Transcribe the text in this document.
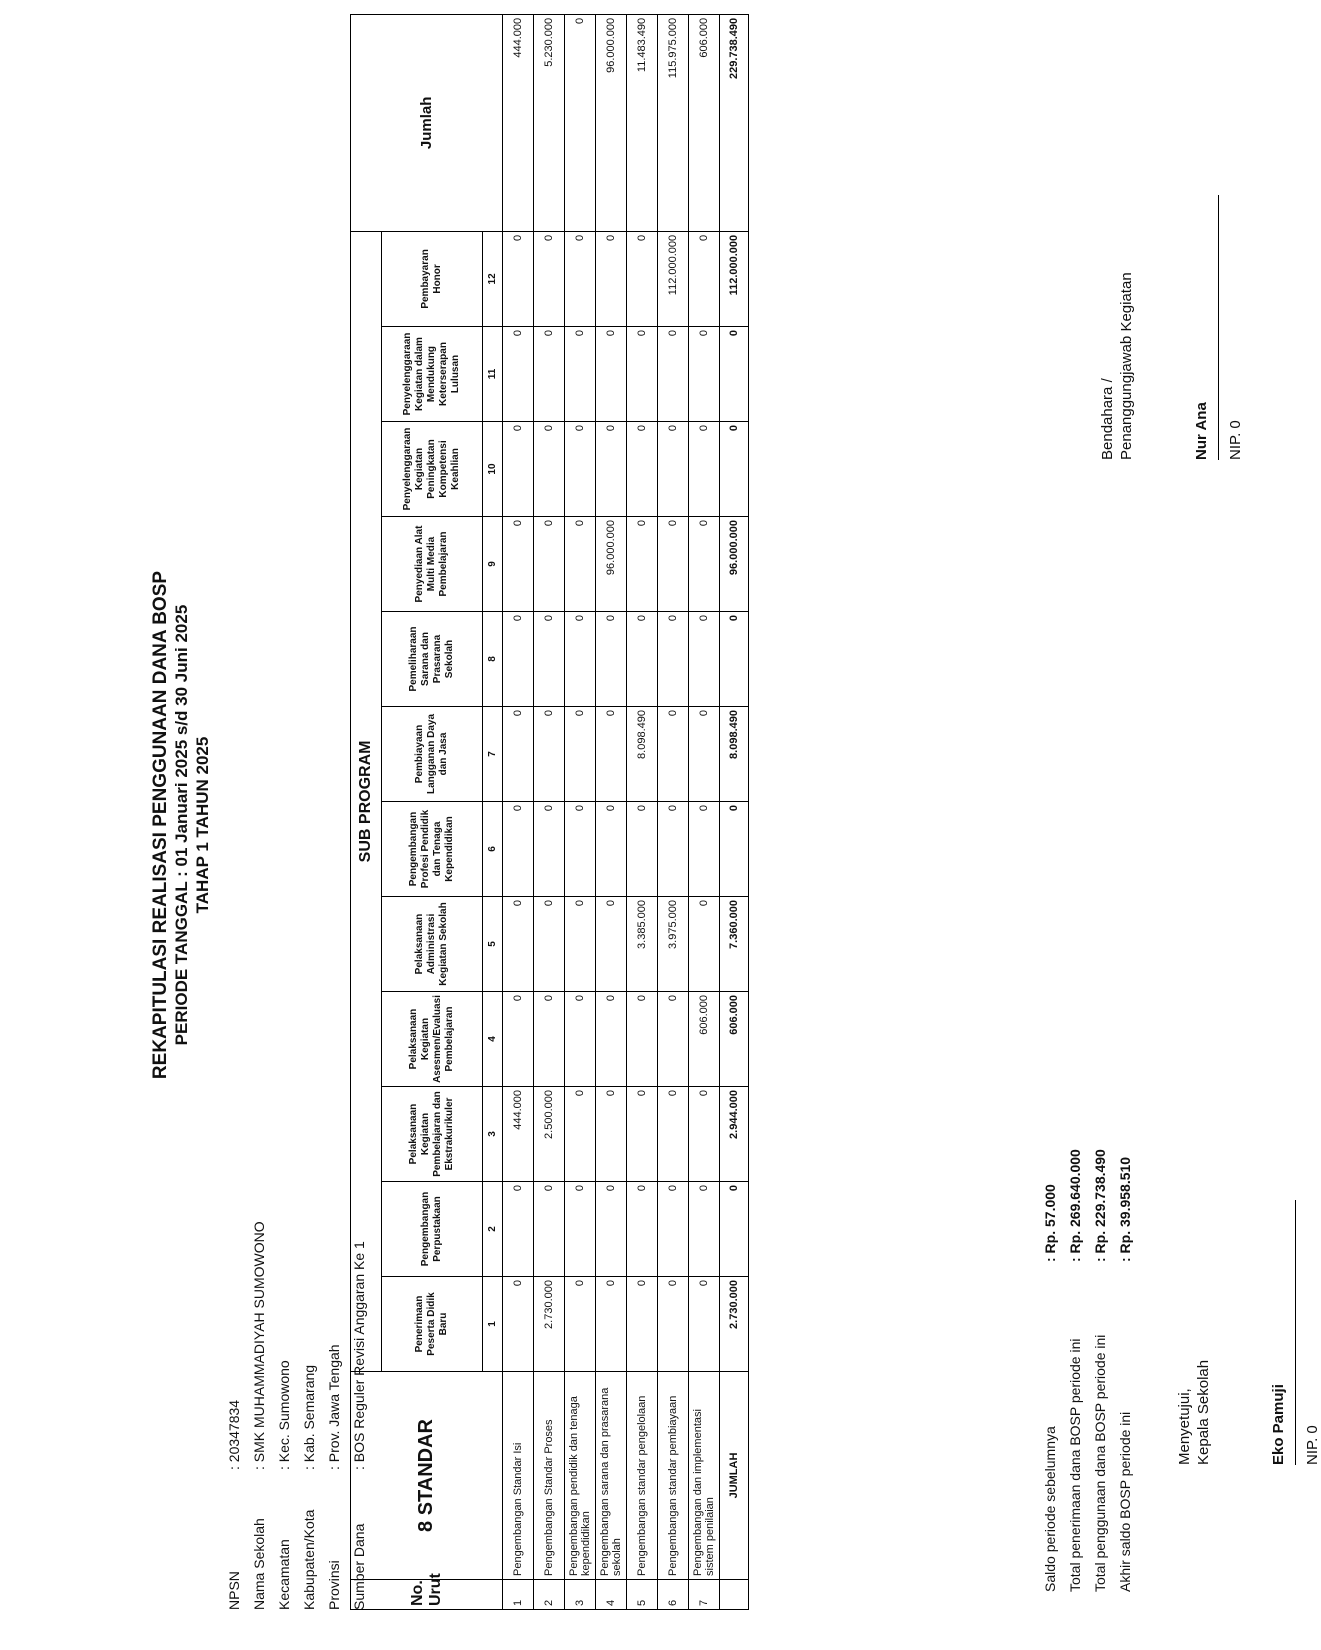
REKAPITULASI REALISASI PENGGUNAAN DANA BOSP PERIODE TANGGAL : 01 Januari 2025 s/d 30 Juni 2025 TAHAP 1 TAHUN 2025
NPSN: 20347834
Nama Sekolah: SMK MUHAMMADIYAH SUMOWONO
Kecamatan: Kec. Sumowono
Kabupaten/Kota: Kab. Semarang
Provinsi: Prov. Jawa Tengah
Sumber Dana: BOS Reguler Revisi Anggaran Ke 1
No. Urut	8 STANDAR	SUB PROGRAM												Jumlah
		Penerimaan Peserta Didik Baru	Pengembangan Perpustakaan	Pelaksanaan Kegiatan Pembelajaran dan Ekstrakurikuler	Pelaksanaan Kegiatan Asesmen/Evaluasi Pembelajaran	Pelaksanaan Administrasi Kegiatan Sekolah	Pengembangan Profesi Pendidik dan Tenaga Kependidikan	Pembiayaan Langganan Daya dan Jasa	Pemeliharaan Sarana dan Prasarana Sekolah	Penyediaan Alat Multi Media Pembelajaran	Penyelenggaraan Kegiatan Peningkatan Kompetensi Keahlian	Penyelenggaraan Kegiatan dalam Mendukung Keterserapan Lulusan	Pembayaran Honor	
		1	2	3	4	5	6	7	8	9	10	11	12	
1	Pengembangan Standar Isi	0	0	444.000	0	0	0	0	0	0	0	0	0	444.000
2	Pengembangan Standar Proses	2.730.000	0	2.500.000	0	0	0	0	0	0	0	0	0	5.230.000
3	Pengembangan pendidik dan tenaga kependidikan	0	0	0	0	0	0	0	0	0	0	0	0	0
4	Pengembangan sarana dan prasarana sekolah	0	0	0	0	0	0	0	0	96.000.000	0	0	0	96.000.000
5	Pengembangan standar pengelolaan	0	0	0	0	3.385.000	0	8.098.490	0	0	0	0	0	11.483.490
6	Pengembangan standar pembiayaan	0	0	0	0	3.975.000	0	0	0	0	0	0	112.000.000	115.975.000
7	Pengembangan dan implementasi sistem penilaian	0	0	0	606.000	0	0	0	0	0	0	0	0	606.000
	JUMLAH	2.730.000	0	2.944.000	606.000	7.360.000	0	8.098.490	0	96.000.000	0	0	112.000.000	229.738.490
Saldo periode sebelumnya: Rp. 57.000
Total penerimaan dana BOSP periode ini: Rp. 269.640.000
Total penggunaan dana BOSP periode ini: Rp. 229.738.490
Akhir saldo BOSP periode ini: Rp. 39.958.510
Menyetujui, Kepala Sekolah	Eko Pamuji NIP. 0
Bendahara / Penanggungjawab Kegiatan	Nur Ana NIP. 0
